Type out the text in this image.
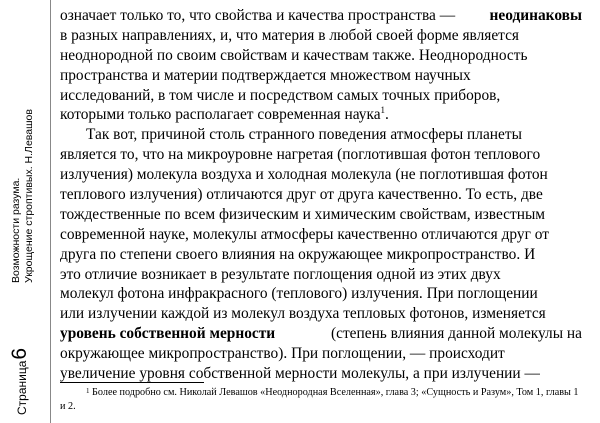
Возможности разума. Укрощение строптивых. Н.Левашов
Страница6
означает только то, что свойства и качества пространства — неодинаковы
в разных направлениях, и, что материя в любой своей форме является
неоднородной по своим свойствам и качествам также. Неоднородность
пространства и материи подтверждается множеством научных
исследований, в том числе и посредством самых точных приборов,
которыми только располагает современная наука$^1$.
Так вот, причиной столь странного поведения атмосферы планеты
является то, что на микроуровне нагретая (поглотившая фотон теплового
излучения) молекула воздуха и холодная молекула (не поглотившая фотон
теплового излучения) отличаются друг от друга качественно. То есть, две
тождественные по всем физическим и химическим свойствам, известным
современной науке, молекулы атмосферы качественно отличаются друг от
друга по степени своего влияния на окружающее микропространство. И
это отличие возникает в результате поглощения одной из этих двух
молекул фотона инфракрасного (теплового) излучения. При поглощении
или излучении каждой из молекул воздуха тепловых фотонов, изменяется
уровень собственной мерности	(степень влияния данной молекулы на
окружающее микропространство). При поглощении, — происходит
увеличение уровня собственной мерности молекулы, а при излучении —
$^1$ Более подробно см. Николай Левашов «Неоднородная Вселенная», глава 3; «Сущность и Разум», Том 1, главы 1
и 2.
